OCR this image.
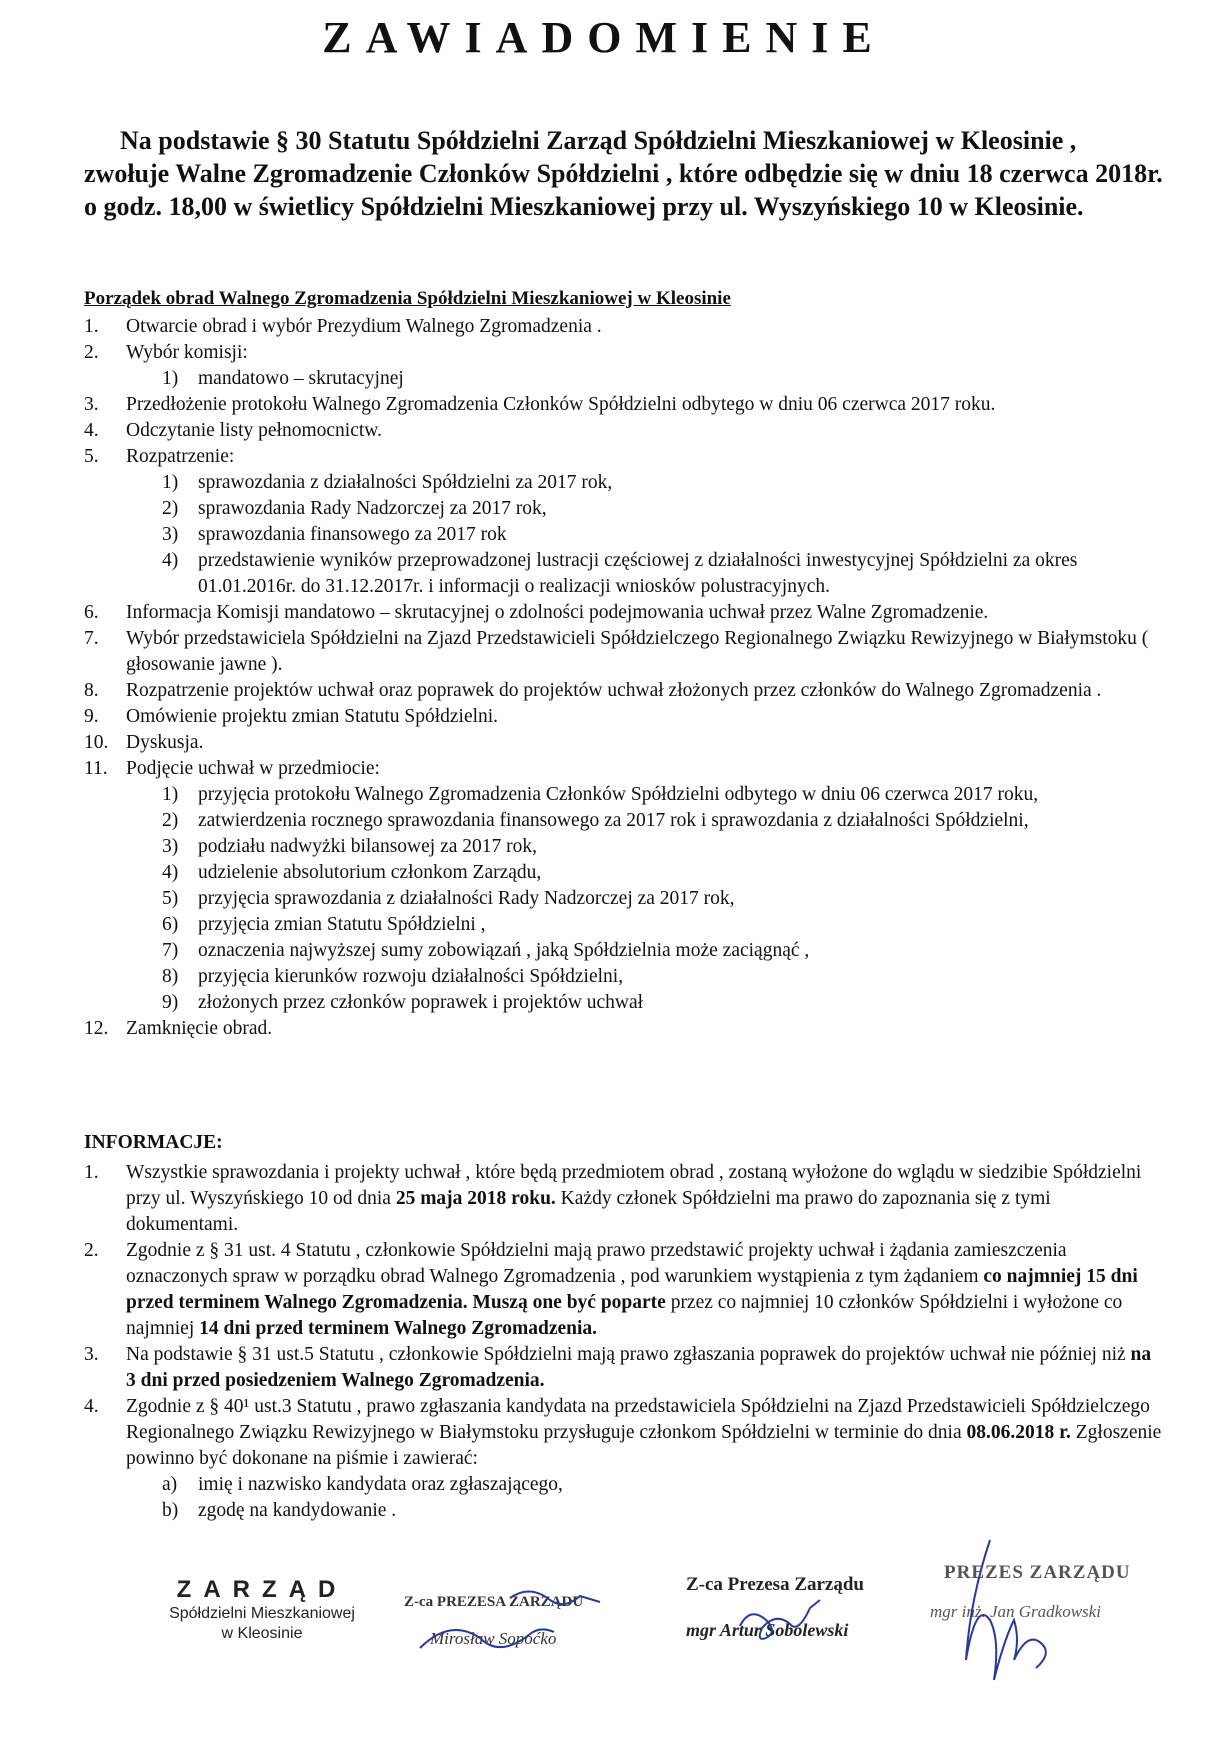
ZAWIADOMIENIE
Na podstawie § 30 Statutu Spółdzielni Zarząd Spółdzielni Mieszkaniowej w Kleosinie , zwołuje Walne Zgromadzenie Członków Spółdzielni , które odbędzie się w dniu 18 czerwca 2018r. o godz. 18,00 w świetlicy Spółdzielni Mieszkaniowej przy ul. Wyszyńskiego 10 w Kleosinie.
Porządek obrad Walnego Zgromadzenia Spółdzielni Mieszkaniowej w Kleosinie
1.	Otwarcie obrad i wybór Prezydium Walnego Zgromadzenia .
2.	Wybór komisji:
1) mandatowo – skrutacyjnej
3.	Przedłożenie protokołu Walnego Zgromadzenia Członków Spółdzielni odbytego w dniu 06 czerwca 2017 roku.
4.	Odczytanie listy pełnomocnictw.
5.	Rozpatrzenie:
1) sprawozdania z działalności Spółdzielni za 2017 rok,
2) sprawozdania Rady Nadzorczej za 2017 rok,
3) sprawozdania finansowego za 2017 rok
4) przedstawienie wyników przeprowadzonej lustracji częściowej z działalności inwestycyjnej Spółdzielni za okres 01.01.2016r. do 31.12.2017r. i informacji o realizacji wniosków polustracyjnych.
6.	Informacja Komisji mandatowo – skrutacyjnej o zdolności podejmowania uchwał przez Walne Zgromadzenie.
7.	Wybór przedstawiciela Spółdzielni na Zjazd Przedstawicieli Spółdzielczego Regionalnego Związku Rewizyjnego w Białymstoku ( głosowanie jawne ).
8.	Rozpatrzenie projektów uchwał oraz poprawek do projektów uchwał złożonych przez członków do Walnego Zgromadzenia .
9.	Omówienie projektu zmian Statutu Spółdzielni.
10. Dyskusja.
11. Podjęcie uchwał w przedmiocie:
1) przyjęcia protokołu Walnego Zgromadzenia Członków Spółdzielni odbytego w dniu 06 czerwca 2017 roku,
2) zatwierdzenia rocznego sprawozdania finansowego za 2017 rok i sprawozdania z działalności Spółdzielni,
3) podziału nadwyżki bilansowej za 2017 rok,
4) udzielenie absolutorium członkom Zarządu,
5) przyjęcia sprawozdania z działalności Rady Nadzorczej za 2017 rok,
6) przyjęcia zmian Statutu Spółdzielni ,
7) oznaczenia najwyższej sumy zobowiązań , jaką Spółdzielnia może zaciągnąć ,
8) przyjęcia kierunków rozwoju działalności Spółdzielni,
9) złożonych przez członków poprawek i projektów uchwał
12. Zamknięcie obrad.
INFORMACJE:
1.	Wszystkie sprawozdania i projekty uchwał , które będą przedmiotem obrad , zostaną wyłożone do wglądu w siedzibie Spółdzielni przy ul. Wyszyńskiego 10 od dnia 25 maja 2018 roku. Każdy członek Spółdzielni ma prawo do zapoznania się z tymi dokumentami.
2.	Zgodnie z § 31 ust. 4 Statutu , członkowie Spółdzielni mają prawo przedstawić projekty uchwał i żądania zamieszczenia oznaczonych spraw w porządku obrad Walnego Zgromadzenia , pod warunkiem wystąpienia z tym żądaniem co najmniej 15 dni przed terminem Walnego Zgromadzenia. Muszą one być poparte przez co najmniej 10 członków Spółdzielni i wyłożone co najmniej 14 dni przed terminem Walnego Zgromadzenia.
3.	Na podstawie § 31 ust.5 Statutu , członkowie Spółdzielni mają prawo zgłaszania poprawek do projektów uchwał nie później niż na 3 dni przed posiedzeniem Walnego Zgromadzenia.
4.	Zgodnie z § 40¹ ust.3 Statutu , prawo zgłaszania kandydata na przedstawiciela Spółdzielni na Zjazd Przedstawicieli Spółdzielczego Regionalnego Związku Rewizyjnego w Białymstoku przysługuje członkom Spółdzielni w terminie do dnia 08.06.2018 r. Zgłoszenie powinno być dokonane na piśmie i zawierać:
a) imię i nazwisko kandydata oraz zgłaszającego,
b) zgodę na kandydowanie .
ZARZĄD
Spółdzielni Mieszkaniowej
w Kleosinie
Z-ca PREZESA ZARZĄDU
Mirosław Sopoćko
Z-ca Prezesa Zarządu
mgr Artur Sobolewski
PREZES ZARZĄDU
mgr inż. Jan Gradkowski
